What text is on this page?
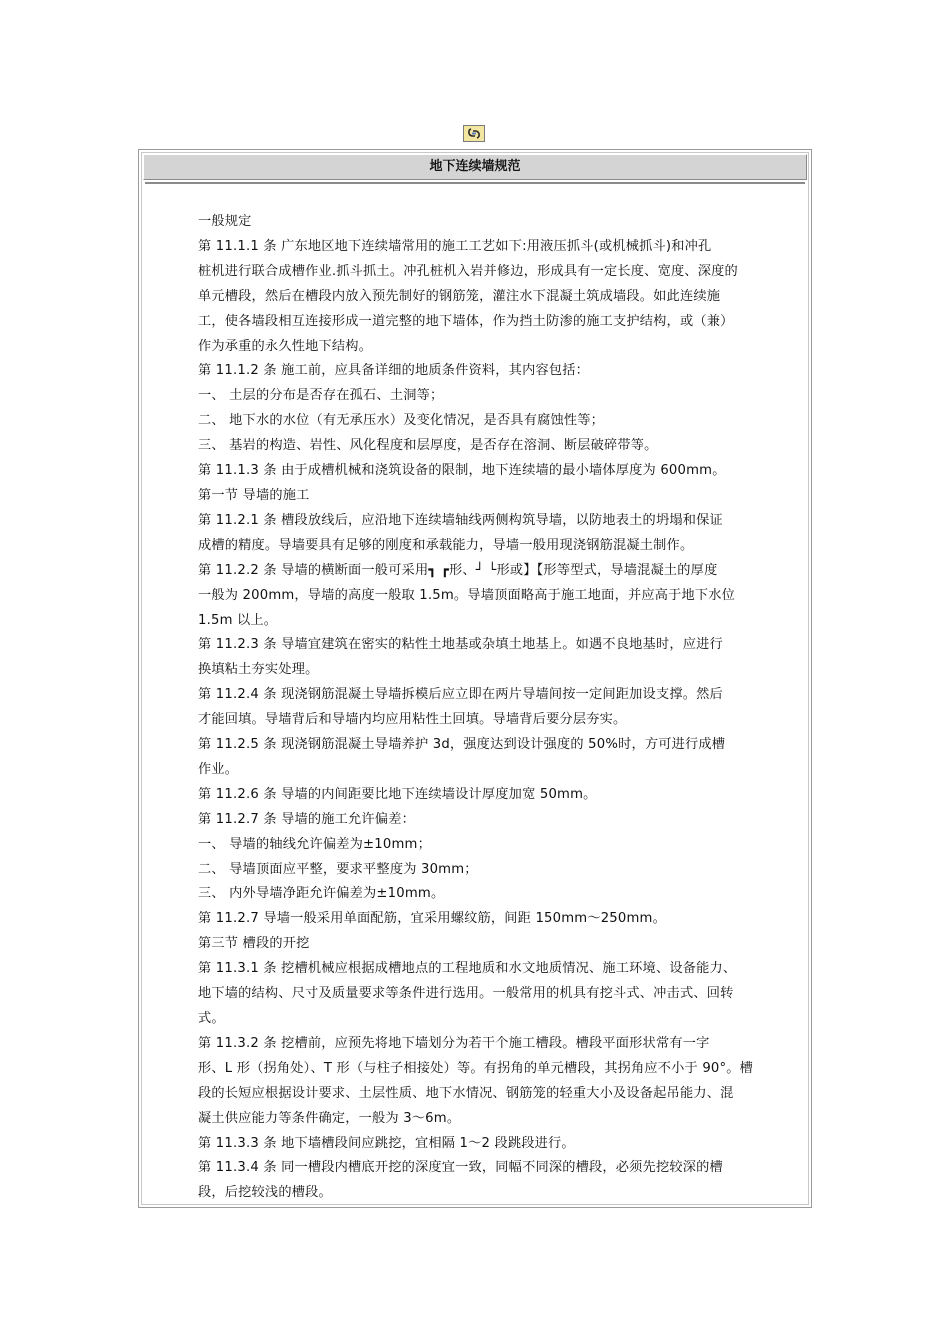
地下连续墙规范

一般规定

第 11.1.1 条 广东地区地下连续墙常用的施工工艺如下:用液压抓斗(或机械抓斗)和冲孔

桩机进行联合成槽作业.抓斗抓土。冲孔桩机入岩并修边，形成具有一定长度、宽度、深度的

单元槽段，然后在槽段内放入预先制好的钢筋笼，灌注水下混凝土筑成墙段。如此连续施

工，使各墙段相互连接形成一道完整的地下墙体，作为挡土防渗的施工支护结构，或（兼）

作为承重的永久性地下结构。

第 11.1.2 条 施工前，应具备详细的地质条件资料，其内容包括：

一、 土层的分布是否存在孤石、土洞等；

二、 地下水的水位（有无承压水）及变化情况，是否具有腐蚀性等；

三、 基岩的构造、岩性、风化程度和层厚度，是否存在溶洞、断层破碎带等。

第 11.1.3 条 由于成槽机械和浇筑设备的限制，地下连续墙的最小墙体厚度为 600mm。

第一节 导墙的施工

第 11.2.1 条 槽段放线后，应沿地下连续墙轴线两侧构筑导墙，以防地表土的坍塌和保证

成槽的精度。导墙要具有足够的刚度和承载能力，导墙一般用现浇钢筋混凝土制作。

第 11.2.2 条 导墙的横断面一般可采用┓ ┏形、┘ └形或】【形等型式，导墙混凝土的厚度

一般为 200mm，导墙的高度一般取 1.5m。导墙顶面略高于施工地面，并应高于地下水位

1.5m 以上。

第 11.2.3 条 导墙宜建筑在密实的粘性土地基或杂填土地基上。如遇不良地基时，应进行

换填粘土夯实处理。

第 11.2.4 条 现浇钢筋混凝土导墙拆模后应立即在两片导墙间按一定间距加设支撑。然后

才能回填。导墙背后和导墙内均应用粘性土回填。导墙背后要分层夯实。

第 11.2.5 条 现浇钢筋混凝土导墙养护 3d，强度达到设计强度的 50%时，方可进行成槽

作业。

第 11.2.6 条 导墙的内间距要比地下连续墙设计厚度加宽 50mm。

第 11.2.7 条 导墙的施工允许偏差：

一、 导墙的轴线允许偏差为±10mm；

二、 导墙顶面应平整，要求平整度为 30mm；

三、 内外导墙净距允许偏差为±10mm。

第 11.2.7 导墙一般采用单面配筋，宜采用螺纹筋，间距 150mm～250mm。

第三节 槽段的开挖

第 11.3.1 条 挖槽机械应根据成槽地点的工程地质和水文地质情况、施工环境、设备能力、

地下墙的结构、尺寸及质量要求等条件进行选用。一般常用的机具有挖斗式、冲击式、回转

式。

第 11.3.2 条 挖槽前，应预先将地下墙划分为若干个施工槽段。槽段平面形状常有一字

形、L 形（拐角处）、T 形（与柱子相接处）等。有拐角的单元槽段，其拐角应不小于 90°。槽

段的长短应根据设计要求、土层性质、地下水情况、钢筋笼的轻重大小及设备起吊能力、混

凝土供应能力等条件确定，一般为 3～6m。

第 11.3.3 条 地下墙槽段间应跳挖，宜相隔 1～2 段跳段进行。

第 11.3.4 条 同一槽段内槽底开挖的深度宜一致，同幅不同深的槽段，必须先挖较深的槽

段，后挖较浅的槽段。
